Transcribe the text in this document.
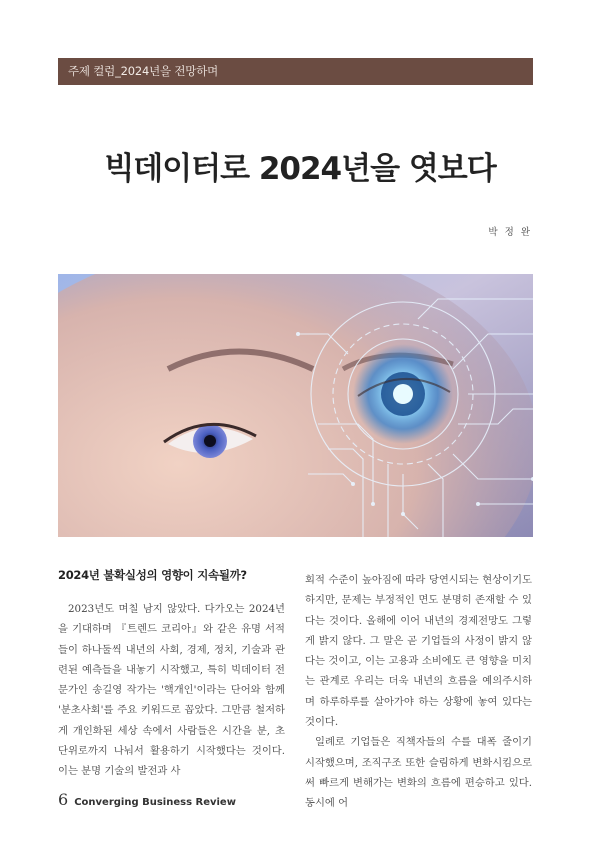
주제 컬럼_2024년을 전망하며
빅데이터로 2024년을 엿보다
박 정 완
2024년 불확실성의 영향이 지속될까?

2023년도 며칠 남지 않았다. 다가오는 2024년을 기대하며 『트렌드 코리아』와 같은 유명 서적들이 하나둘씩 내년의 사회, 경제, 정치, 기술과 관련된 예측들을 내놓기 시작했고, 특히 빅데이터 전문가인 송길영 작가는 '핵개인'이라는 단어와 함께 '분초사회'를 주요 키워드로 꼽았다. 그만큼 철저하게 개인화된 세상 속에서 사람들은 시간을 분, 초 단위로까지 나눠서 활용하기 시작했다는 것이다. 이는 분명 기술의 발전과 사

회적 수준이 높아짐에 따라 당연시되는 현상이기도 하지만, 문제는 부정적인 면도 분명히 존재할 수 있다는 것이다. 올해에 이어 내년의 경제전망도 그렇게 밝지 않다. 그 말은 곧 기업들의 사정이 밝지 않다는 것이고, 이는 고용과 소비에도 큰 영향을 미치는 관계로 우리는 더욱 내년의 흐름을 예의주시하며 하루하루를 살아가야 하는 상황에 놓여 있다는 것이다.

일례로 기업들은 직책자들의 수를 대폭 줄이기 시작했으며, 조직구조 또한 슬림하게 변화시킴으로써 빠르게 변해가는 변화의 흐름에 편승하고 있다. 동시에 어

6 Converging Business Review
